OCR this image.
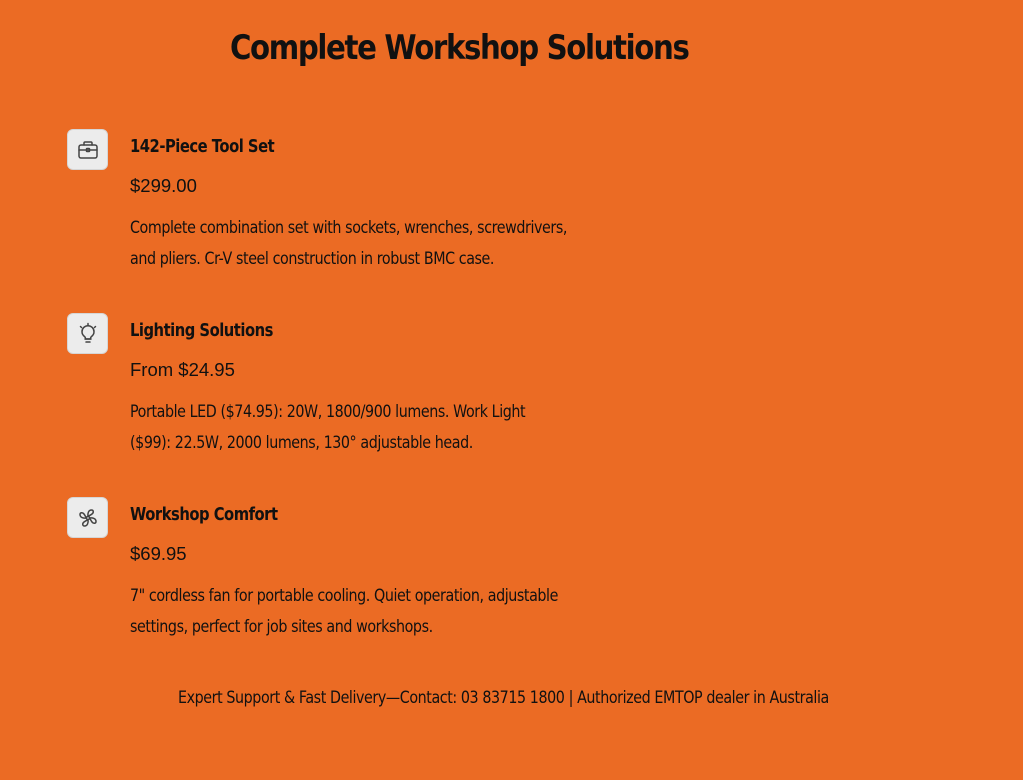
Complete Workshop Solutions
142-Piece Tool Set
$299.00
Complete combination set with sockets, wrenches, screwdrivers, and pliers. Cr-V steel construction in robust BMC case.
Lighting Solutions
From $24.95
Portable LED ($74.95): 20W, 1800/900 lumens. Work Light ($99): 22.5W, 2000 lumens, 130° adjustable head.
Workshop Comfort
$69.95
7" cordless fan for portable cooling. Quiet operation, adjustable settings, perfect for job sites and workshops.
Expert Support & Fast Delivery—Contact: 03 83715 1800 | Authorized EMTOP dealer in Australia
